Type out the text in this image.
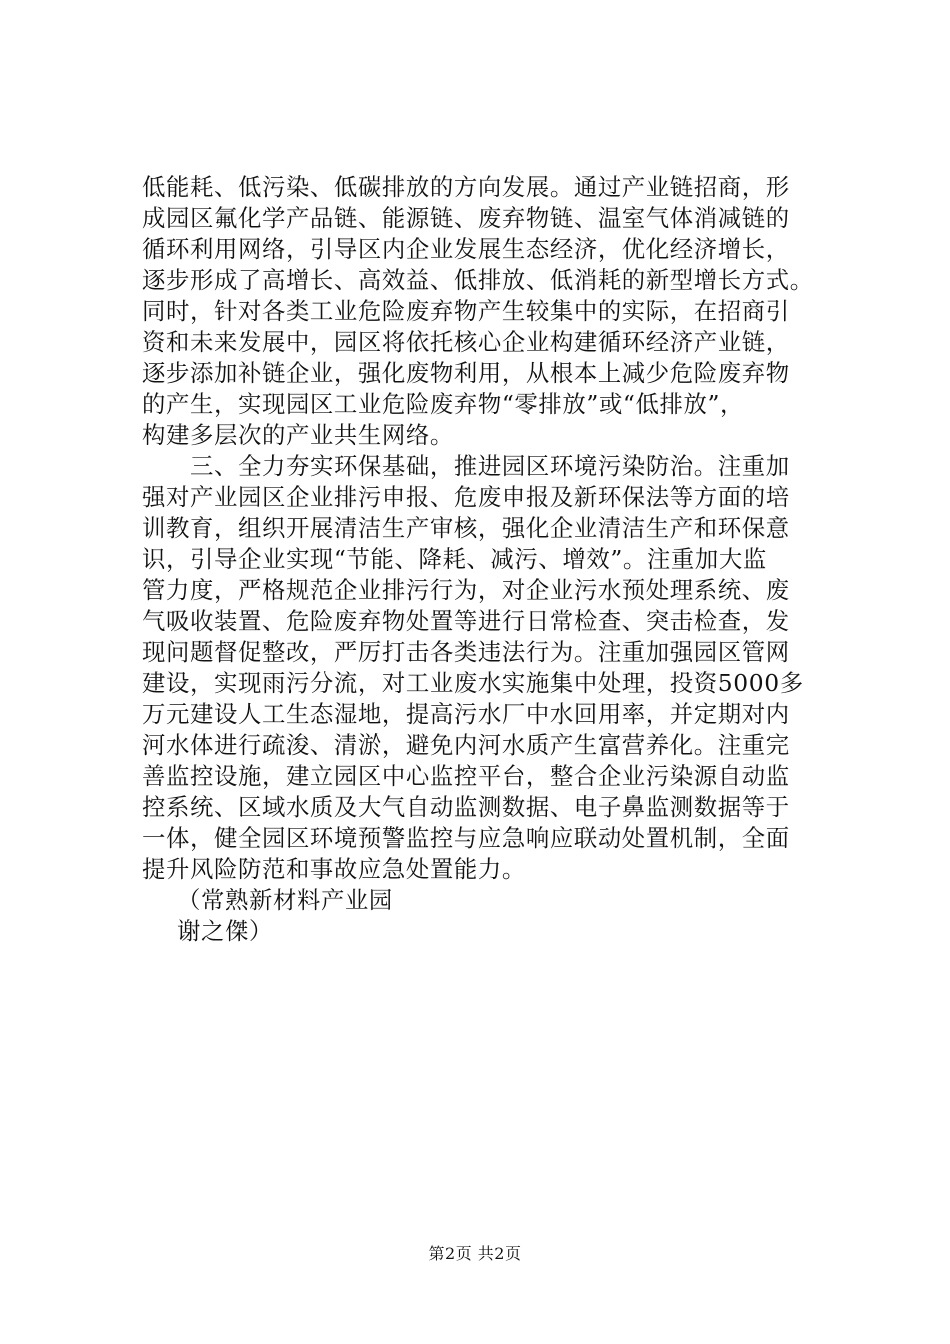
低能耗、低污染、低碳排放的方向发展。通过产业链招商，形
成园区氟化学产品链、能源链、废弃物链、温室气体消减链的
循环利用网络，引导区内企业发展生态经济，优化经济增长，
逐步形成了高增长、高效益、低排放、低消耗的新型增长方式。
同时，针对各类工业危险废弃物产生较集中的实际，在招商引
资和未来发展中，园区将依托核心企业构建循环经济产业链，
逐步添加补链企业，强化废物利用，从根本上减少危险废弃物
的产生，实现园区工业危险废弃物“零排放”或“低排放”，
构建多层次的产业共生网络。
三、全力夯实环保基础，推进园区环境污染防治。注重加
强对产业园区企业排污申报、危废申报及新环保法等方面的培
训教育，组织开展清洁生产审核，强化企业清洁生产和环保意
识，引导企业实现“节能、降耗、减污、增效”。注重加大监
管力度，严格规范企业排污行为，对企业污水预处理系统、废
气吸收装置、危险废弃物处置等进行日常检查、突击检查，发
现问题督促整改，严厉打击各类违法行为。注重加强园区管网
建设，实现雨污分流，对工业废水实施集中处理，投资5000多
万元建设人工生态湿地，提高污水厂中水回用率，并定期对内
河水体进行疏浚、清淤，避免内河水质产生富营养化。注重完
善监控设施，建立园区中心监控平台，整合企业污染源自动监
控系统、区域水质及大气自动监测数据、电子鼻监测数据等于
一体，健全园区环境预警监控与应急响应联动处置机制，全面
提升风险防范和事故应急处置能力。
（常熟新材料产业园
谢之傑）
第2页 共2页
